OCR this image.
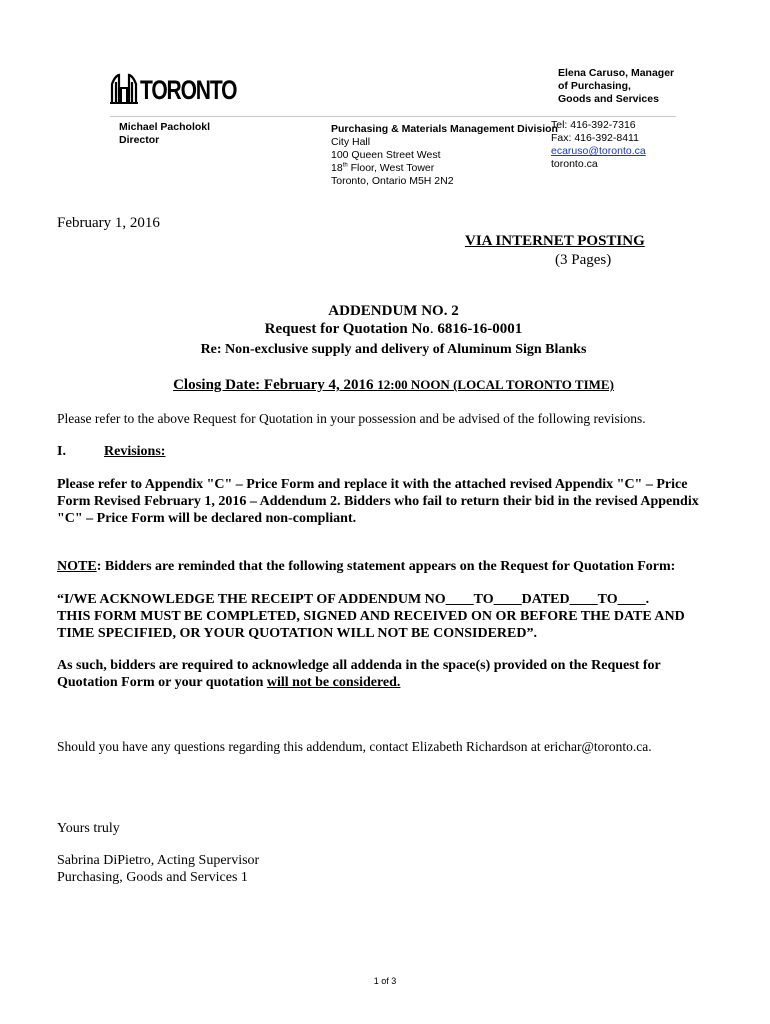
TORONTO
Elena Caruso, Manager
of Purchasing,
Goods and Services
Michael Pacholokl
Director
Purchasing & Materials Management Division
City Hall
100 Queen Street West
18th Floor, West Tower
Toronto, Ontario M5H 2N2
Tel: 416-392-7316
Fax: 416-392-8411
ecaruso@toronto.ca
toronto.ca
February 1, 2016
VIA INTERNET POSTING
(3 Pages)
ADDENDUM NO. 2
Request for Quotation No. 6816-16-0001
Re: Non-exclusive supply and delivery of Aluminum Sign Blanks
Closing Date: February 4, 2016 12:00 NOON (LOCAL TORONTO TIME)
Please refer to the above Request for Quotation in your possession and be advised of the following revisions.
I.	Revisions:
Please refer to Appendix "C" – Price Form and replace it with the attached revised Appendix "C" – Price Form Revised February 1, 2016 – Addendum 2. Bidders who fail to return their bid in the revised Appendix "C" – Price Form will be declared non-compliant.
NOTE: Bidders are reminded that the following statement appears on the Request for Quotation Form:
“I/WE ACKNOWLEDGE THE RECEIPT OF ADDENDUM NO____TO____DATED____TO____.
THIS FORM MUST BE COMPLETED, SIGNED AND RECEIVED ON OR BEFORE THE DATE AND TIME SPECIFIED, OR YOUR QUOTATION WILL NOT BE CONSIDERED”.
As such, bidders are required to acknowledge all addenda in the space(s) provided on the Request for Quotation Form or your quotation will not be considered.
Should you have any questions regarding this addendum, contact Elizabeth Richardson at erichar@toronto.ca.
Yours truly
Sabrina DiPietro, Acting Supervisor
Purchasing, Goods and Services 1
1 of 3
